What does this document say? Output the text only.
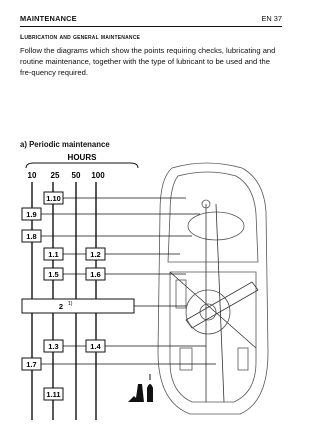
MAINTENANCE	EN 37
Lubrication and general maintenance
Follow the diagrams which show the points requiring checks, lubricating and routine maintenance, together with the type of lubricant to be used and the fre-quency required.
a) Periodic maintenance
HOURS
10 25 50 100
1.10
1.9
1.8
1.1	1.2
1.5	1.6
2 1)
1.3	1.4
1.7
1.11
